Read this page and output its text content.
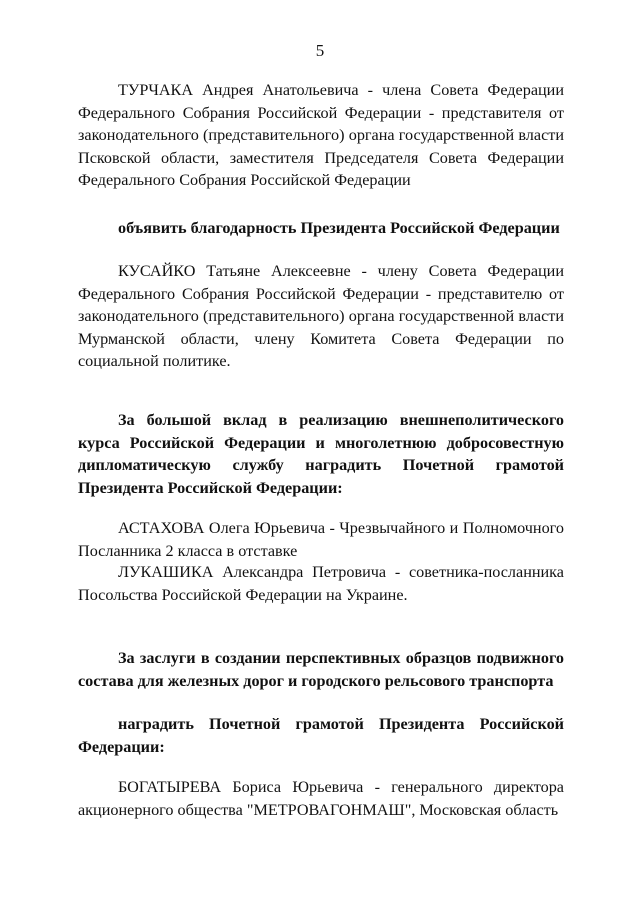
5

ТУРЧАКА Андрея Анатольевича - члена Совета Федерации Федерального Собрания Российской Федерации - представителя от законодательного (представительного) органа государственной власти Псковской области, заместителя Председателя Совета Федерации Федерального Собрания Российской Федерации

объявить благодарность Президента Российской Федерации

КУСАЙКО Татьяне Алексеевне - члену Совета Федерации Федерального Собрания Российской Федерации - представителю от законодательного (представительного) органа государственной власти Мурманской области, члену Комитета Совета Федерации по социальной политике.

За большой вклад в реализацию внешнеполитического курса Российской Федерации и многолетнюю добросовестную дипломатическую службу наградить Почетной грамотой Президента Российской Федерации:

АСТАХОВА Олега Юрьевича - Чрезвычайного и Полномочного Посланника 2 класса в отставке

ЛУКАШИКА Александра Петровича - советника-посланника Посольства Российской Федерации на Украине.

За заслуги в создании перспективных образцов подвижного состава для железных дорог и городского рельсового транспорта

наградить Почетной грамотой Президента Российской Федерации:

БОГАТЫРЕВА Бориса Юрьевича - генерального директора акционерного общества "МЕТРОВАГОНМАШ", Московская область
